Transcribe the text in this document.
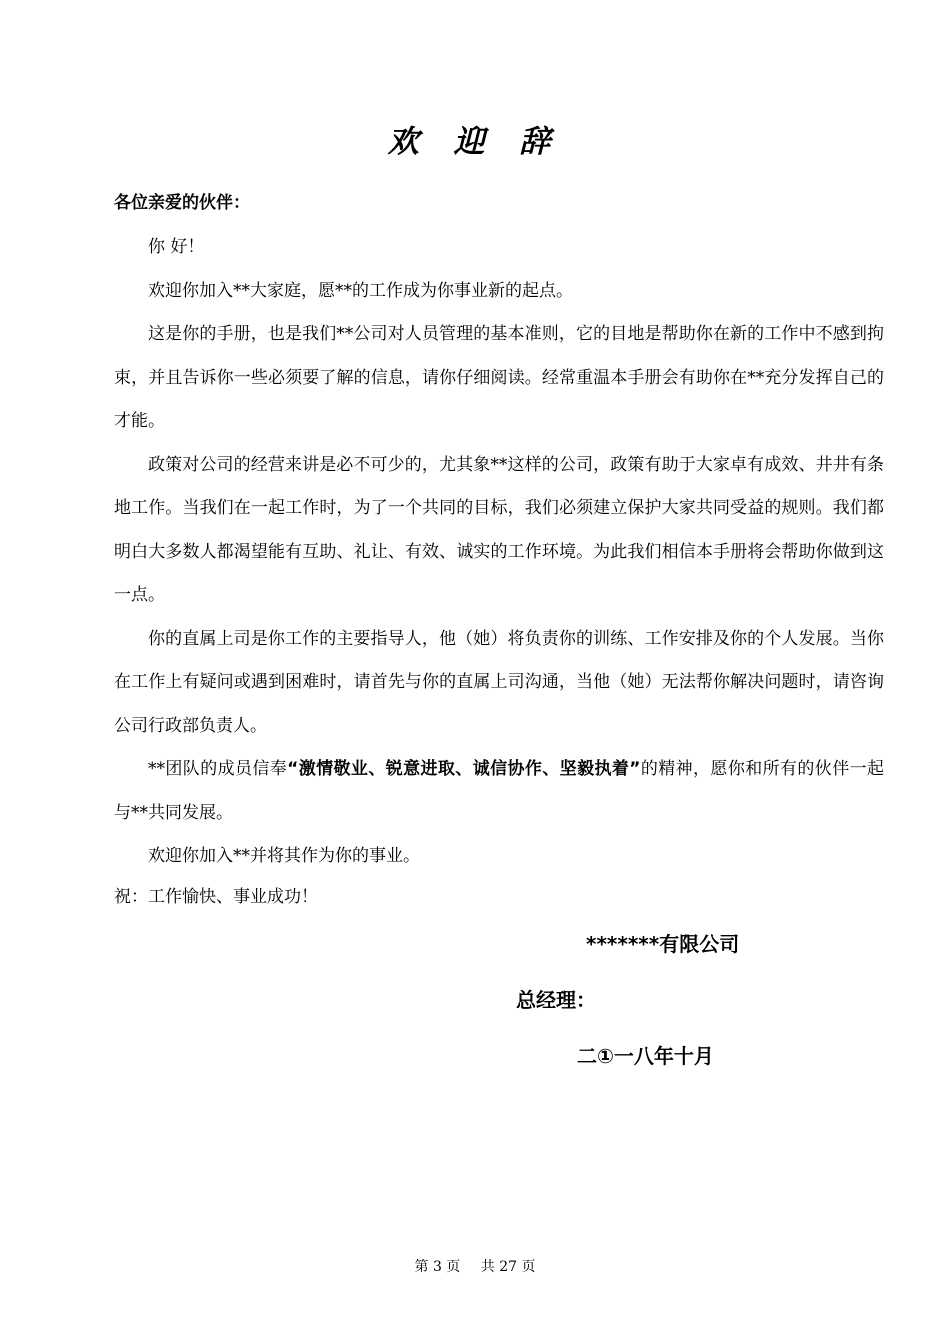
欢 迎 辞
各位亲爱的伙伴：

你 好！

欢迎你加入**大家庭，愿**的工作成为你事业新的起点。

这是你的手册，也是我们**公司对人员管理的基本准则，它的目地是帮助你在新的工作中不感到拘束，并且告诉你一些必须要了解的信息，请你仔细阅读。经常重温本手册会有助你在**充分发挥自己的才能。

政策对公司的经营来讲是必不可少的，尤其象**这样的公司，政策有助于大家卓有成效、井井有条地工作。当我们在一起工作时，为了一个共同的目标，我们必须建立保护大家共同受益的规则。我们都明白大多数人都渴望能有互助、礼让、有效、诚实的工作环境。为此我们相信本手册将会帮助你做到这一点。

你的直属上司是你工作的主要指导人，他（她）将负责你的训练、工作安排及你的个人发展。当你在工作上有疑问或遇到困难时，请首先与你的直属上司沟通，当他（她）无法帮你解决问题时，请咨询公司行政部负责人。

**团队的成员信奉“激情敬业、锐意进取、诚信协作、坚毅执着”的精神，愿你和所有的伙伴一起与**共同发展。

欢迎你加入**并将其作为你的事业。

祝：工作愉快、事业成功！
*******有限公司
总经理：
二①一八年十月
第 3 页 共 27 页
